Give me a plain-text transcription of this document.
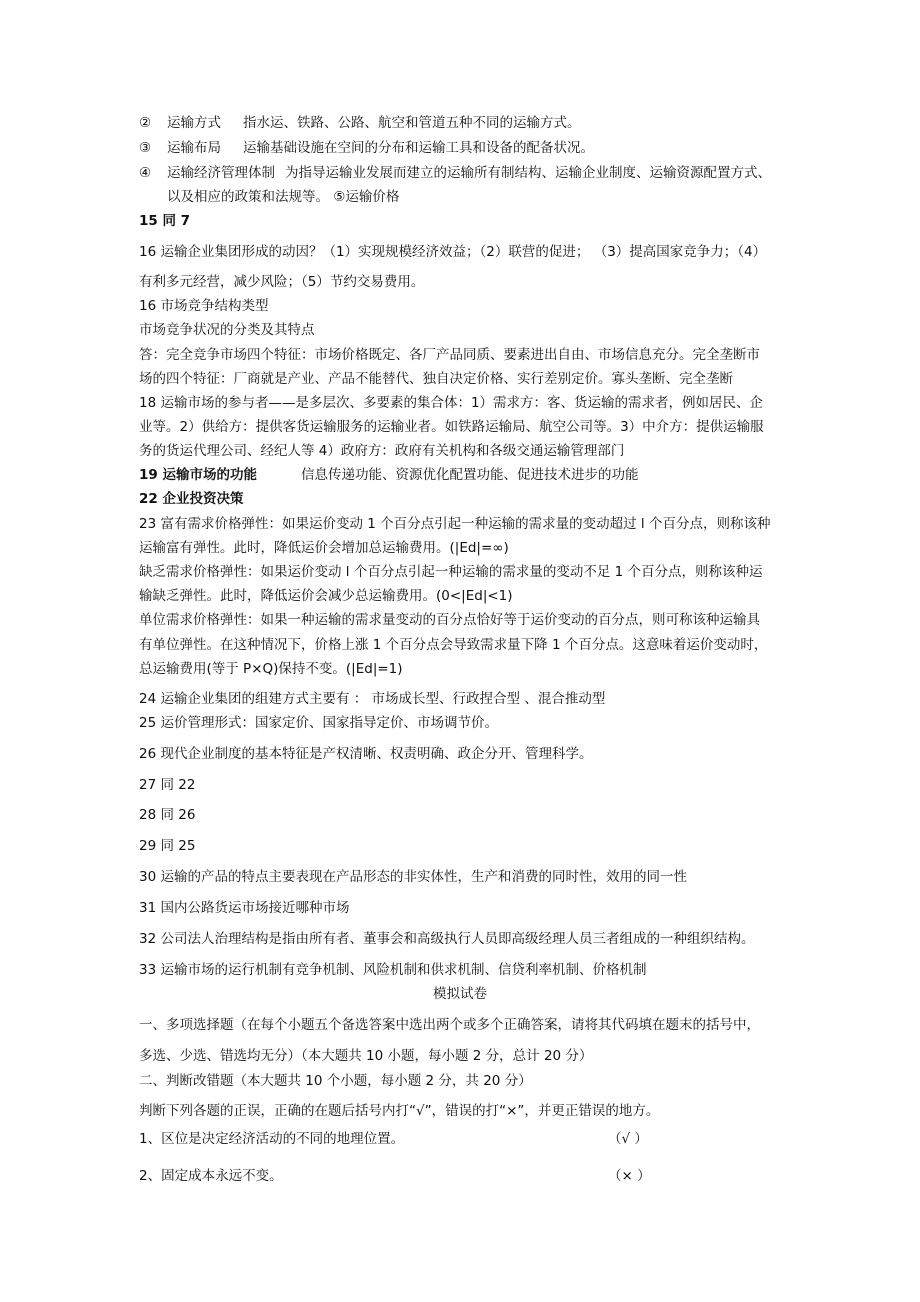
② 运输方式 指水运、铁路、公路、航空和管道五种不同的运输方式。
③ 运输布局 运输基础设施在空间的分布和运输工具和设备的配备状况。
④ 运输经济管理体制 为指导运输业发展而建立的运输所有制结构、运输企业制度、运输资源配置方式、
以及相应的政策和法规等。 ⑤运输价格
15 同 7
16 运输企业集团形成的动因？（1）实现规模经济效益；（2）联营的促进； （3）提高国家竞争力；（4）
有利多元经营，减少风险；（5）节约交易费用。
16 市场竞争结构类型
市场竞争状况的分类及其特点
答：完全竞争市场四个特征：市场价格既定、各厂产品同质、要素进出自由、市场信息充分。完全垄断市
场的四个特征：厂商就是产业、产品不能替代、独自决定价格、实行差别定价。寡头垄断、完全垄断
18 运输市场的参与者——是多层次、多要素的集合体：1）需求方：客、货运输的需求者，例如居民、企
业等。2）供给方：提供客货运输服务的运输业者。如铁路运输局、航空公司等。3）中介方：提供运输服
务的货运代理公司、经纪人等 4）政府方：政府有关机构和各级交通运输管理部门
19 运输市场的功能	信息传递功能、资源优化配置功能、促进技术进步的功能
22 企业投资决策
23 富有需求价格弹性：如果运价变动 1 个百分点引起一种运输的需求量的变动超过 l 个百分点，则称该种
运输富有弹性。此时，降低运价会增加总运输费用。(|Ed|=∞)
缺乏需求价格弹性：如果运价变动 l 个百分点引起一种运输的需求量的变动不足 1 个百分点，则称该种运
输缺乏弹性。此时，降低运价会减少总运输费用。(0<|Ed|<1)
单位需求价格弹性：如果一种运输的需求量变动的百分点恰好等于运价变动的百分点，则可称该种运输具
有单位弹性。在这种情况下，价格上涨 1 个百分点会导致需求量下降 1 个百分点。这意味着运价变动时，
总运输费用(等于 P×Q)保持不变。(|Ed|=1)
24 运输企业集团的组建方式主要有 ： 市场成长型、行政捏合型 、混合推动型
25 运价管理形式：国家定价、国家指导定价、市场调节价。
26 现代企业制度的基本特征是产权清晰、权责明确、政企分开、管理科学。
27 同 22
28 同 26
29 同 25
30 运输的产品的特点主要表现在产品形态的非实体性，生产和消费的同时性，效用的同一性
31 国内公路货运市场接近哪种市场
32 公司法人治理结构是指由所有者、董事会和高级执行人员即高级经理人员三者组成的一种组织结构。
33 运输市场的运行机制有竞争机制、风险机制和供求机制、信贷利率机制、价格机制
模拟试卷
一、多项选择题（在每个小题五个备选答案中选出两个或多个正确答案，请将其代码填在题末的括号中，
多选、少选、错选均无分）（本大题共 10 小题，每小题 2 分，总计 20 分）
二、判断改错题（本大题共 10 个小题，每小题 2 分，共 20 分）
判断下列各题的正误，正确的在题后括号内打“√”，错误的打“×”，并更正错误的地方。
1、区位是决定经济活动的不同的地理位置。	（√ ）
2、固定成本永远不变。	（× ）
